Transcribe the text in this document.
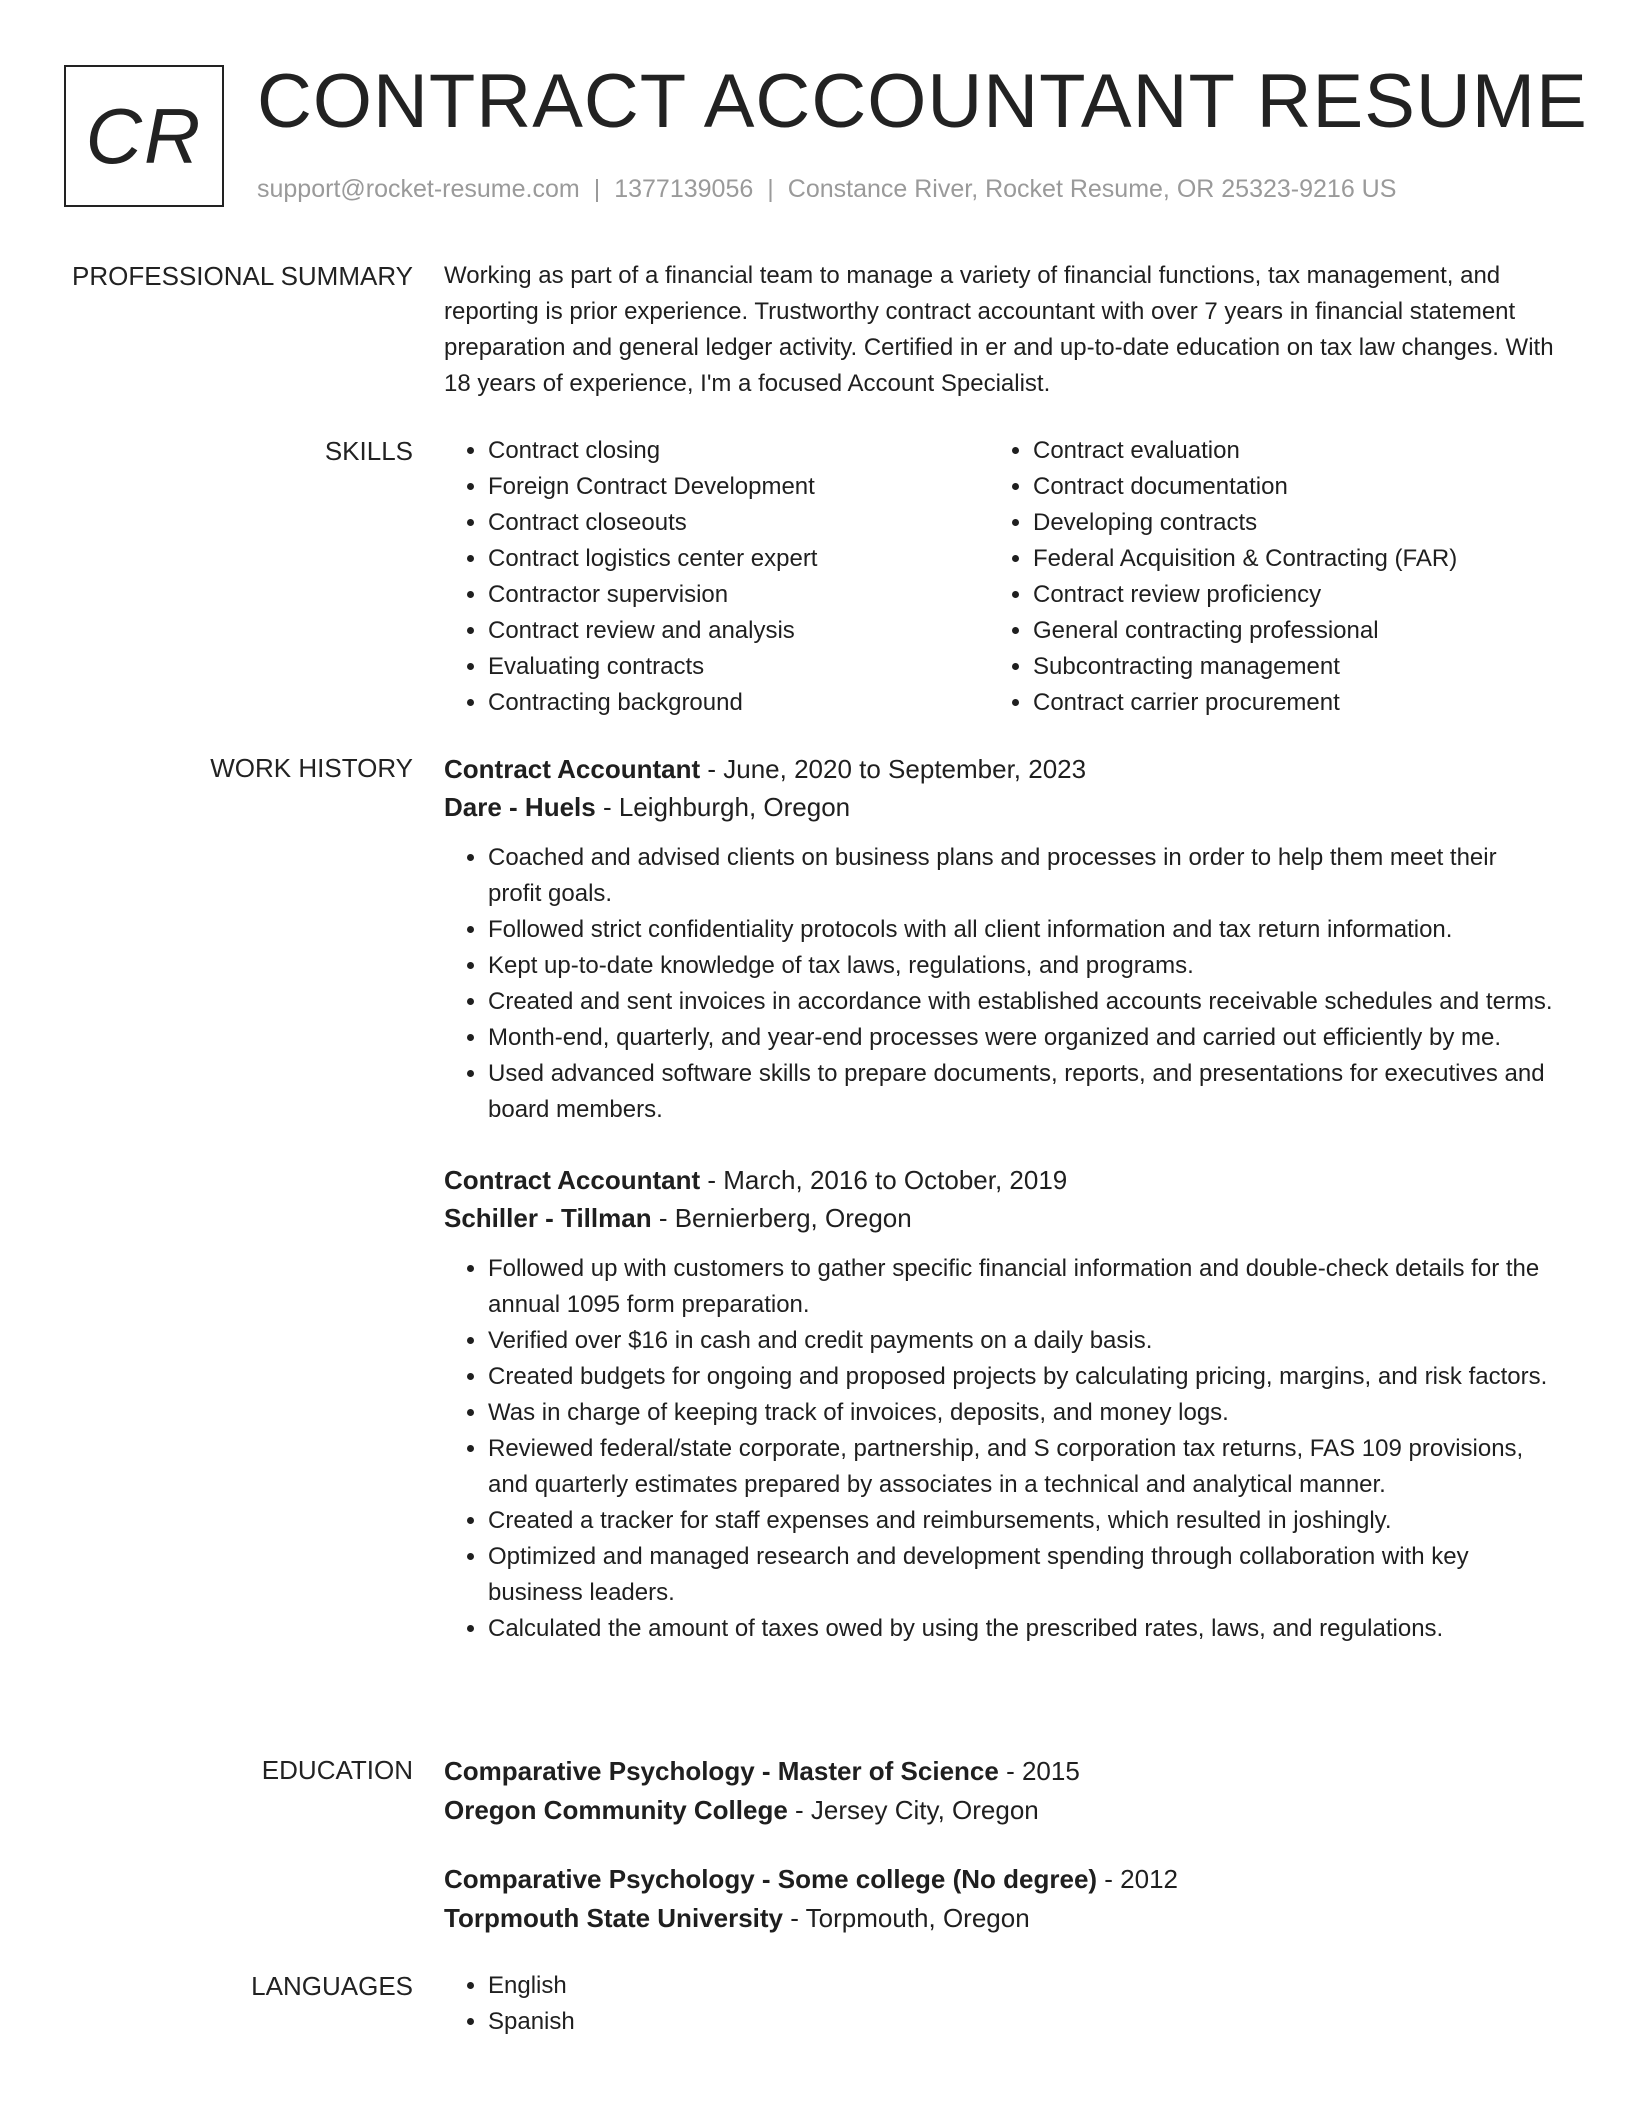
CR CONTRACT ACCOUNTANT RESUME
support@rocket-resume.com | 1377139056 | Constance River, Rocket Resume, OR 25323-9216 US
PROFESSIONAL SUMMARY Working as part of a financial team to manage a variety of financial functions, tax management, and reporting is prior experience. Trustworthy contract accountant with over 7 years in financial statement preparation and general ledger activity. Certified in er and up-to-date education on tax law changes. With 18 years of experience, I'm a focused Account Specialist.

SKILLS	• Contract closing
• Foreign Contract Development
• Contract closeouts
• Contract logistics center expert
• Contractor supervision
• Contract review and analysis
• Evaluating contracts
• Contracting background
• Contract evaluation
• Contract documentation
• Developing contracts
• Federal Acquisition & Contracting (FAR)
• Contract review proficiency
• General contracting professional
• Subcontracting management
• Contract carrier procurement
WORK HISTORY Contract Accountant - June, 2020 to September, 2023
Dare - Huels - Leighburgh, Oregon
• Coached and advised clients on business plans and processes in order to help them meet their profit goals.
• Followed strict confidentiality protocols with all client information and tax return information.
• Kept up-to-date knowledge of tax laws, regulations, and programs.
• Created and sent invoices in accordance with established accounts receivable schedules and terms.
• Month-end, quarterly, and year-end processes were organized and carried out efficiently by me.
• Used advanced software skills to prepare documents, reports, and presentations for executives and board members.
Contract Accountant - March, 2016 to October, 2019
Schiller - Tillman - Bernierberg, Oregon
• Followed up with customers to gather specific financial information and double-check details for the annual 1095 form preparation.
• Verified over $16 in cash and credit payments on a daily basis.
• Created budgets for ongoing and proposed projects by calculating pricing, margins, and risk factors.
• Was in charge of keeping track of invoices, deposits, and money logs.
• Reviewed federal/state corporate, partnership, and S corporation tax returns, FAS 109 provisions, and quarterly estimates prepared by associates in a technical and analytical manner.
• Created a tracker for staff expenses and reimbursements, which resulted in joshingly.
• Optimized and managed research and development spending through collaboration with key business leaders.
• Calculated the amount of taxes owed by using the prescribed rates, laws, and regulations.
EDUCATION Comparative Psychology - Master of Science - 2015
Oregon Community College - Jersey City, Oregon
Comparative Psychology - Some college (No degree) - 2012
Torpmouth State University - Torpmouth, Oregon
LANGUAGES	• English
• Spanish
